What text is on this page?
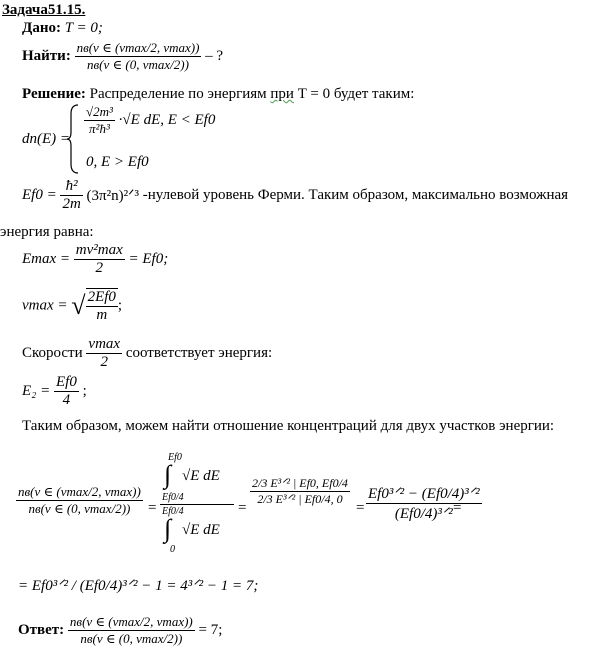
Задача51.15.
Дано: T = 0;
Найти: $\frac{nв(v \in (vmax/2, vmax))}{nв(v \in (0, vmax/2))}$ – ?
Решение: Распределение по энергиям при T = 0 будет таким:
dn(E) =
$\frac{\text{√2m³}}{\text{π²ħ³}} \cdot√E$ dE, E < Ef0
0, E > Ef0
$Ef0 = \frac{\text{ħ²}}{2m}$ (3π²n)²ᐟ³ -нулевой уровень Ферми. Таким образом, максимально возможная
энергия равна:
$Emax = \frac{\text{mv²max}}{2} = Ef0$;
vmax = √ $\frac{2Ef0}{m}$ ;
Скорости $\frac{vmax}{2}$ соответствует энергия:
$E_2 = \frac{Ef0}{4}$ ;
Таким образом, можем найти отношение концентраций для двух участков энергии:
$\frac{nв(v \in (vmax/2, vmax))}{nв(v \in (0, vmax/2))}$ =
Ef0
∫ √E dE
Ef0/4
Ef0/4
∫ √E dE
0
=
$\frac{\text{2/3 E³ᐟ² | Ef0, Ef0/4}}{\text{2/3 E³ᐟ² | Ef0/4, 0}}$
= $\frac{\text{Ef0³ᐟ² − (Ef0/4)³ᐟ²}}{\text{(Ef0/4)³ᐟ²}}$
=
= Ef0³ᐟ² / (Ef0/4)³ᐟ² − 1 = 4³ᐟ² − 1 = 7;
Ответ: $\frac{nв(v \in (vmax/2, vmax))}{nв(v \in (0, vmax/2))} = 7$;
